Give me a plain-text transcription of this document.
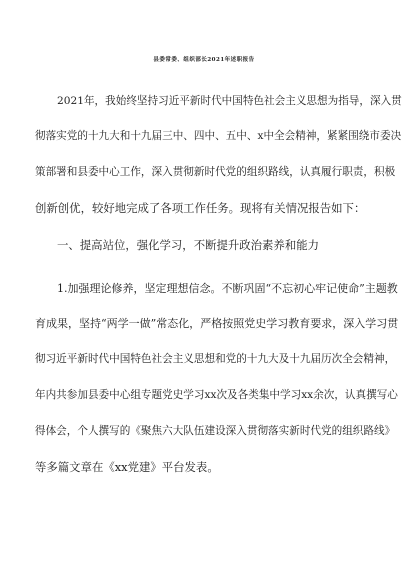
县委常委、组织部长2021年述职报告
2021年，我始终坚持习近平新时代中国特色社会主义思想为指导，深入贯
彻落实党的十九大和十九届三中、四中、五中、x中全会精神，紧紧围绕市委决
策部署和县委中心工作，深入贯彻新时代党的组织路线，认真履行职责，积极
创新创优，较好地完成了各项工作任务。现将有关情况报告如下：
一、提高站位，强化学习，不断提升政治素养和能力
1.加强理论修养，坚定理想信念。不断巩固“不忘初心牢记使命”主题教
育成果，坚持“两学一做”常态化，严格按照党史学习教育要求，深入学习贯
彻习近平新时代中国特色社会主义思想和党的十九大及十九届历次全会精神，
年内共参加县委中心组专题党史学习xx次及各类集中学习xx余次，认真撰写心
得体会，个人撰写的《聚焦六大队伍建设深入贯彻落实新时代党的组织路线》
等多篇文章在《xx党建》平台发表。
